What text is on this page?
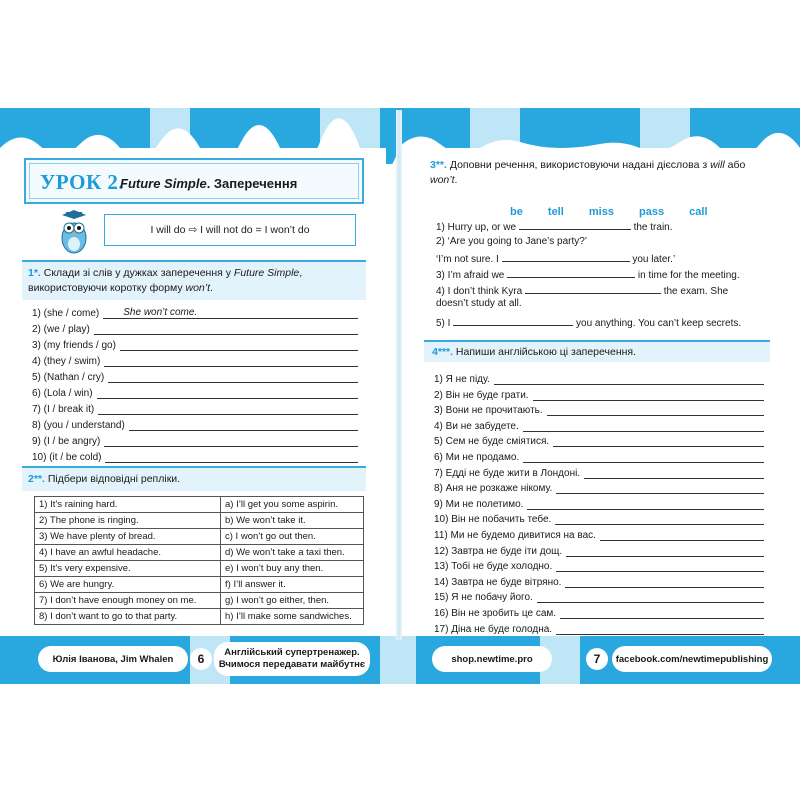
УРОК 2.
Future Simple. Заперечення
I will do ⇨ I will not do = I won’t do
1*. Склади зі слів у дужках заперечення у Future Simple, використовуючи коротку форму won’t.
1) (she / come) She won’t come.
2) (we / play)
3) (my friends / go)
4) (they / swim)
5) (Nathan / cry)
6) (Lola / win)
7) (I / break it)
8) (you / understand)
9) (I / be angry)
10) (it / be cold)
2**. Підбери відповідні репліки.
1) It’s raining hard.	a) I’ll get you some aspirin.
2) The phone is ringing.	b) We won’t take it.
3) We have plenty of bread.	c) I won’t go out then.
4) I have an awful headache.	d) We won’t take a taxi then.
5) It’s very expensive.	e) I won’t buy any then.
6) We are hungry.	f) I’ll answer it.
7) I don’t have enough money on me.	g) I won’t go either, then.
8) I don’t want to go to that party.	h) I’ll make some sandwiches.
3**. Доповни речення, використовуючи надані дієслова з will або won’t.
be tell miss pass call
1) Hurry up, or we	the train.
2) ‘Are you going to Jane’s party?’
‘I’m not sure. I	you later.’
3) I’m afraid we	in time for the meeting.
4) I don’t think Kyra	the exam. She
doesn’t study at all.
5) I	you anything. You can’t keep secrets.
4***. Напиши англійською ці заперечення.
1) Я не піду.
2) Він не буде грати.
3) Вони не прочитають.
4) Ви не забудете.
5) Сем не буде сміятися.
6) Ми не продамо.
7) Едді не буде жити в Лондоні.
8) Аня не розкаже нікому.
9) Ми не полетимо.
10) Він не побачить тебе.
11) Ми не будемо дивитися на вас.
12) Завтра не буде іти дощ.
13) Тобі не буде холодно.
14) Завтра не буде вітряно.
15) Я не побачу його.
16) Він не зробить це сам.
17) Діна не буде голодна.
Юлія Іванова, Jim Whalen	6	Англійський супертренажер.
Вчимося передавати майбутнє	shop.newtime.pro	7	facebook.com/newtimepublishing
